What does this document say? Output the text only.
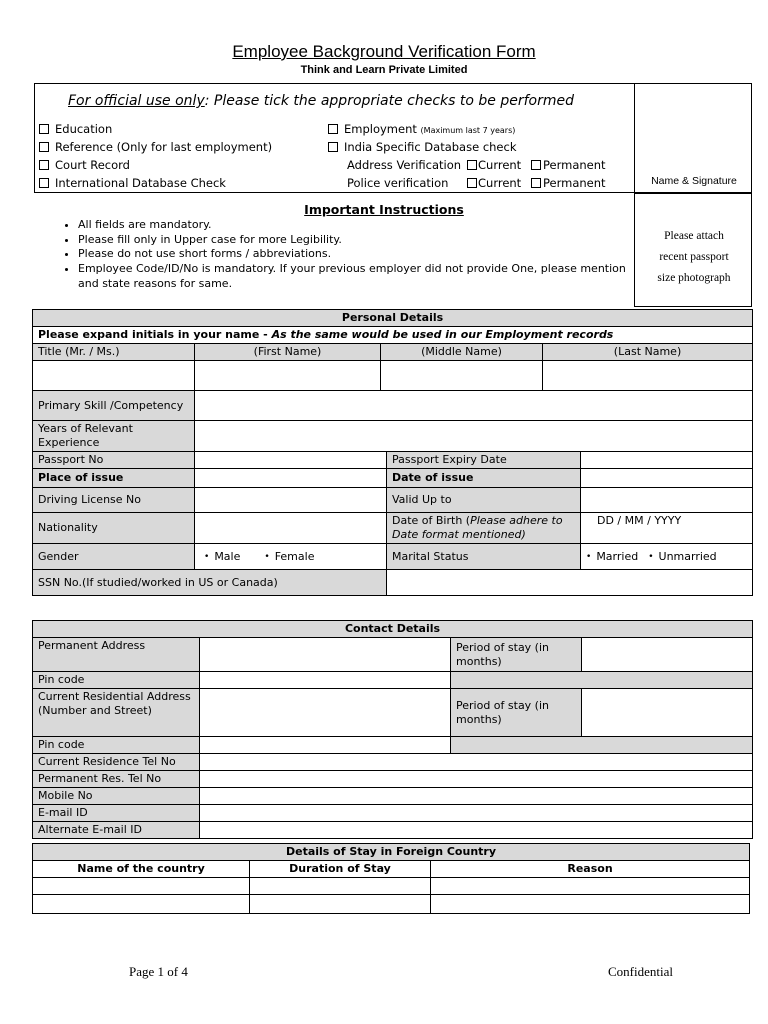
Employee Background Verification Form
Think and Learn Private Limited
Name & Signature
For official use only: Please tick the appropriate checks to be performed
Education
Reference (Only for last employment)
Court Record
International Database Check
Employment (Maximum last 7 years)
India Specific Database check
Address Verification	Current	Permanent
Police verification	Current	Permanent
Please attach
recent passport
size photograph
Important Instructions
• All fields are mandatory.
• Please fill only in Upper case for more Legibility.
• Please do not use short forms / abbreviations.
• Employee Code/ID/No is mandatory. If your previous employer did not provide One, please mention and state reasons for same.
Personal Details					
Please expand initials in your name - As the same would be used in our Employment records					
Title (Mr. / Ms.)	(First Name)	(Middle Name)		(Last Name)	

Primary Skill /Competency					
Years of Relevant Experience					
Passport No			Passport Expiry Date		
Place of issue			Date of issue		
Driving License No			Valid Up to		
Nationality			Date of Birth (Please adhere to Date format mentioned)		DD / MM / YYYY
Gender	• Male • Female		Marital Status		• Married • Unmarried
SSN No.(If studied/worked in US or Canada)					
Contact Details			
Permanent Address		Period of stay (in months)	
Pin code			

Current Residential Address
(Number and Street)		Period of stay (in months)	
Pin code			
Current Residence Tel No			
Permanent Res. Tel No			
Mobile No			
E-mail ID			
Alternate E-mail ID			
Details of Stay in Foreign Country		
Name of the country	Duration of Stay	Reason

Page 1 of 4	Confidential
